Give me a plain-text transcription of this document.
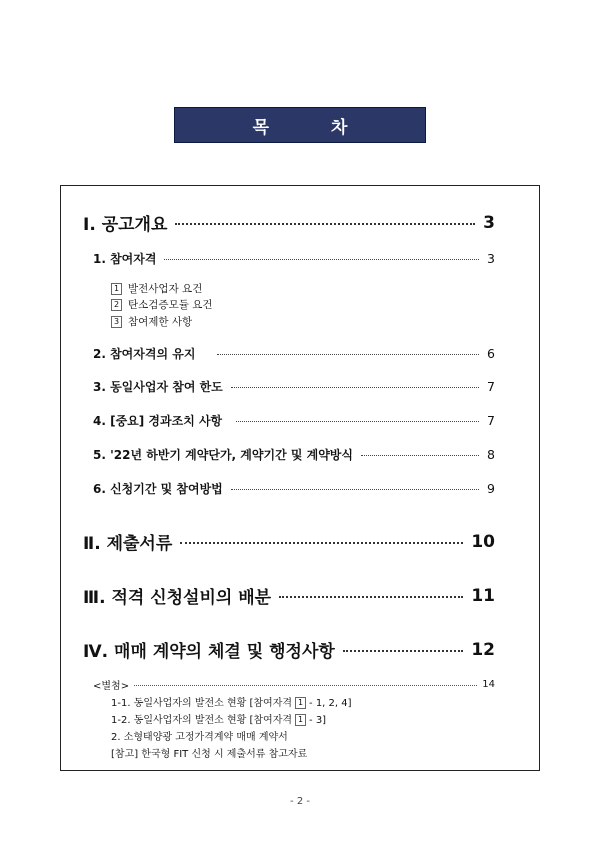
목 차
Ⅰ. 공고개요	3
1. 참여자격	3
1 발전사업자 요건
2 탄소검증모듈 요건
3 참여제한 사항
2. 참여자격의 유지	6
3. 동일사업자 참여 한도	7
4. [중요] 경과조치 사항	7
5. '22년 하반기 계약단가, 계약기간 및 계약방식	8
6. 신청기간 및 참여방법	9
Ⅱ. 제출서류	10
Ⅲ. 적격 신청설비의 배분	11
Ⅳ. 매매 계약의 체결 및 행정사항	12
<별첨>	14
1-1. 동일사업자의 발전소 현황 [참여자격 1 - 1, 2, 4]
1-2. 동일사업자의 발전소 현황 [참여자격 1 - 3]
2. 소형태양광 고정가격계약 매매 계약서
[참고] 한국형 FIT 신청 시 제출서류 참고자료
- 2 -
